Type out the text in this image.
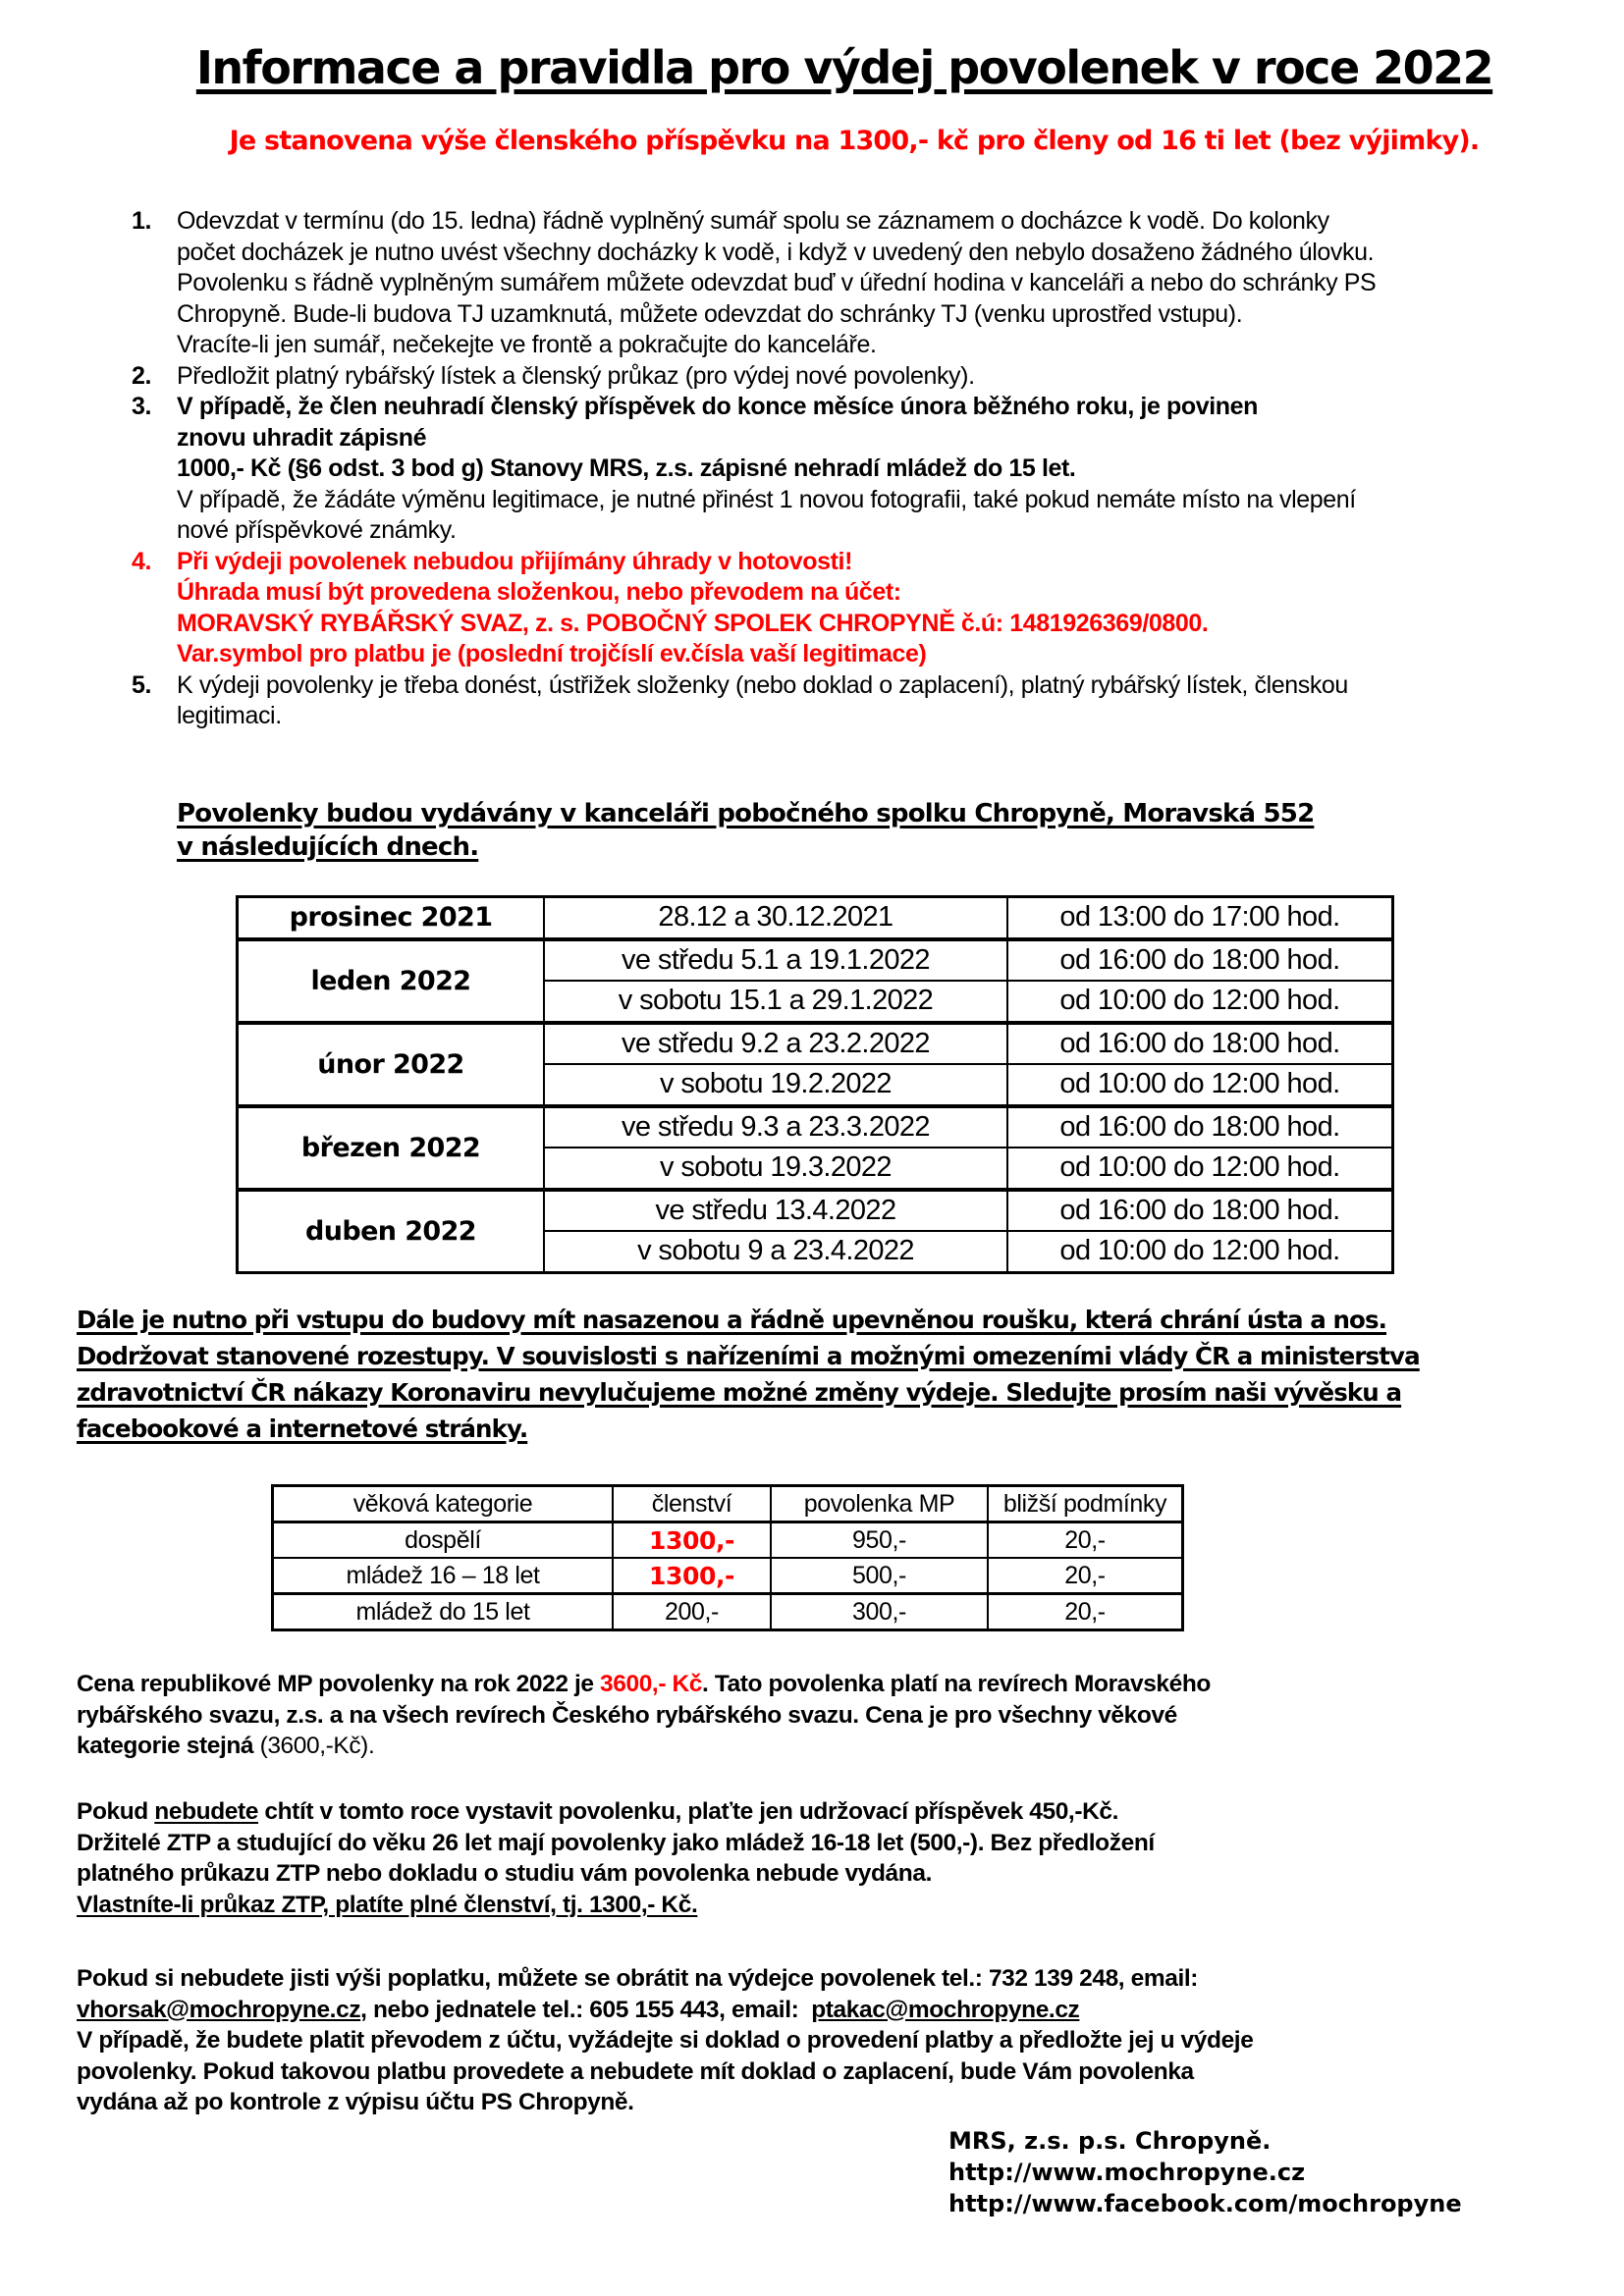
Informace a pravidla pro výdej povolenek v roce 2022
Je stanovena výše členského příspěvku na 1300,- kč pro členy od 16 ti let (bez výjimky).
1. Odevzdat v termínu (do 15. ledna) řádně vyplněný sumář spolu se záznamem o docházce k vodě. Do kolonky
počet docházek je nutno uvést všechny docházky k vodě, i když v uvedený den nebylo dosaženo žádného úlovku.
Povolenku s řádně vyplněným sumářem můžete odevzdat buď v úřední hodina v kanceláři a nebo do schránky PS
Chropyně. Bude-li budova TJ uzamknutá, můžete odevzdat do schránky TJ (venku uprostřed vstupu).
Vracíte-li jen sumář, nečekejte ve frontě a pokračujte do kanceláře.
2. Předložit platný rybářský lístek a členský průkaz (pro výdej nové povolenky).
3. V případě, že člen neuhradí členský příspěvek do konce měsíce února běžného roku, je povinen
znovu uhradit zápisné
1000,- Kč (§6 odst. 3 bod g) Stanovy MRS, z.s. zápisné nehradí mládež do 15 let.
V případě, že žádáte výměnu legitimace, je nutné přinést 1 novou fotografii, také pokud nemáte místo na vlepení
nové příspěvkové známky.
4. Při výdeji povolenek nebudou přijímány úhrady v hotovosti!
Úhrada musí být provedena složenkou, nebo převodem na účet:
MORAVSKÝ RYBÁŘSKÝ SVAZ, z. s. POBOČNÝ SPOLEK CHROPYNĚ č.ú: 1481926369/0800.
Var.symbol pro platbu je (poslední trojčíslí ev.čísla vaší legitimace)
5. K výdeji povolenky je třeba donést, ústřižek složenky (nebo doklad o zaplacení), platný rybářský lístek, členskou
legitimaci.
Povolenky budou vydávány v kanceláři pobočného spolku Chropyně, Moravská 552
v následujících dnech.
prosinec 2021	28.12 a 30.12.2021	od 13:00 do 17:00 hod.
leden 2022	ve středu 5.1 a 19.1.2022	od 16:00 do 18:00 hod.
	v sobotu 15.1 a 29.1.2022	od 10:00 do 12:00 hod.
únor 2022	ve středu 9.2 a 23.2.2022	od 16:00 do 18:00 hod.
	v sobotu 19.2.2022	od 10:00 do 12:00 hod.
březen 2022	ve středu 9.3 a 23.3.2022	od 16:00 do 18:00 hod.
	v sobotu 19.3.2022	od 10:00 do 12:00 hod.
duben 2022	ve středu 13.4.2022	od 16:00 do 18:00 hod.
	v sobotu 9 a 23.4.2022	od 10:00 do 12:00 hod.
Dále je nutno při vstupu do budovy mít nasazenou a řádně upevněnou roušku, která chrání ústa a nos.
Dodržovat stanovené rozestupy. V souvislosti s nařízeními a možnými omezeními vlády ČR a ministerstva
zdravotnictví ČR nákazy Koronaviru nevylučujeme možné změny výdeje. Sledujte prosím naši vývěsku a
facebookové a internetové stránky.
věková kategorie	členství	povolenka MP	bližší podmínky
dospělí	1300,-	950,-	20,-
mládež 16 – 18 let	1300,-	500,-	20,-
mládež do 15 let	200,-	300,-	20,-
Cena republikové MP povolenky na rok 2022 je 3600,- Kč. Tato povolenka platí na revírech Moravského
rybářského svazu, z.s. a na všech revírech Českého rybářského svazu. Cena je pro všechny věkové
kategorie stejná (3600,-Kč).
Pokud nebudete chtít v tomto roce vystavit povolenku, plaťte jen udržovací příspěvek 450,-Kč.
Držitelé ZTP a studující do věku 26 let mají povolenky jako mládež 16-18 let (500,-). Bez předložení
platného průkazu ZTP nebo dokladu o studiu vám povolenka nebude vydána.
Vlastníte-li průkaz ZTP, platíte plné členství, tj. 1300,- Kč.
Pokud si nebudete jisti výši poplatku, můžete se obrátit na výdejce povolenek tel.: 732 139 248, email:
vhorsak@mochropyne.cz, nebo jednatele tel.: 605 155 443, email:  ptakac@mochropyne.cz
V případě, že budete platit převodem z účtu, vyžádejte si doklad o provedení platby a předložte jej u výdeje
povolenky. Pokud takovou platbu provedete a nebudete mít doklad o zaplacení, bude Vám povolenka
vydána až po kontrole z výpisu účtu PS Chropyně.
MRS, z.s. p.s. Chropyně.
http://www.mochropyne.cz
http://www.facebook.com/mochropyne
